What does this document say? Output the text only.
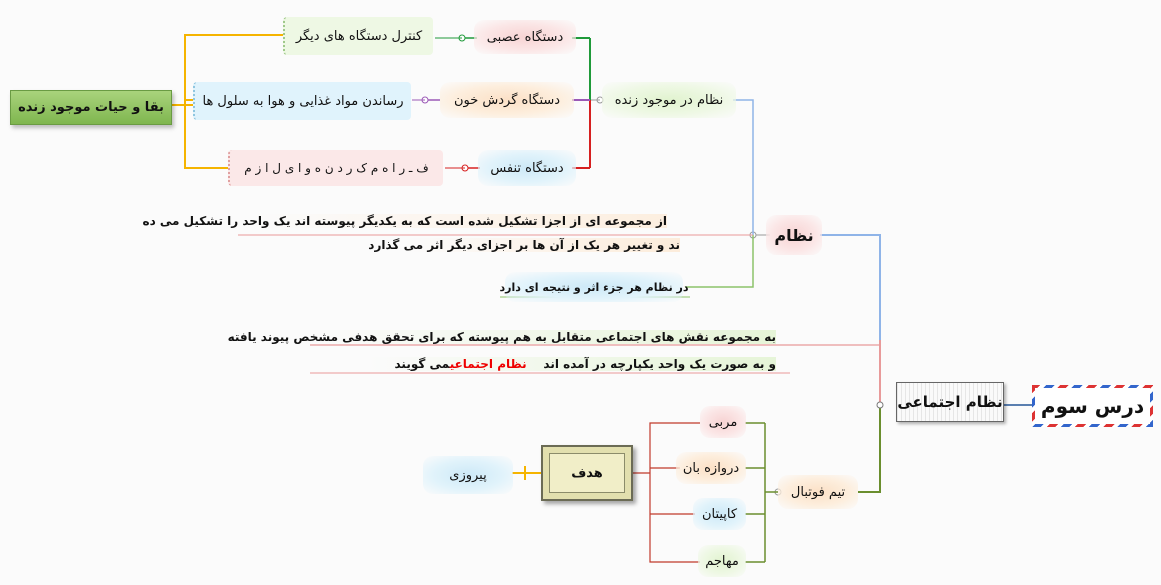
درس سوم
نظام اجتماعی
نظام
نظام در موجود زنده
بقا و حیات موجود زنده
دستگاه عصبی
دستگاه گردش خون
دستگاه تنفس
کنترل دستگاه های دیگر
رساندن مواد غذایی و هوا به سلول ها
ف ـ ر ا ه م ک ر د ن ه و ا ی ل ا ز م
از مجموعه ای از اجزا تشکیل شده است که به یکدیگر پیوسته اند یک واحد را تشکیل می ده
ند و تغییر هر یک از آن ها بر اجزای دیگر اثر می گذارد
در نظام هر جزء اثر و نتیجه ای دارد
به مجموعه نقش های اجتماعی متقابل به هم پیوسته که برای تحقق هدفی مشخص پیوند یافته
و به صورت یک واحد یکپارچه در آمده اند    نظام اجتماعیمی گویند
تیم فوتبال
مربی
دروازه بان
کاپیتان
مهاجم
هدف
پیروزی
